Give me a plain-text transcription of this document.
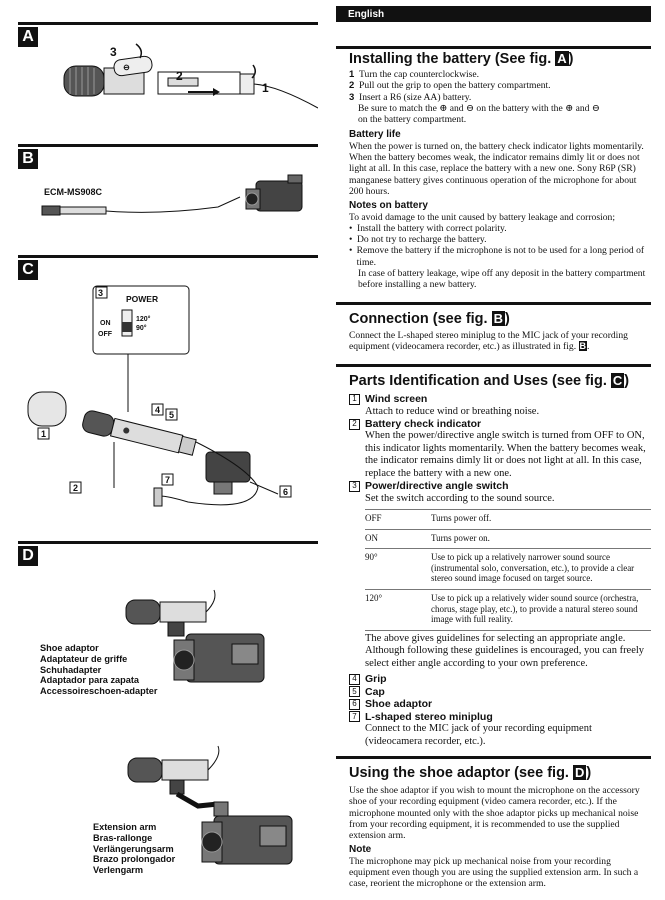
A
⊖
3
2
1
B
ECM-MS908C
C
3
POWER
ON
OFF
120°
90°
1
2
4 5
6
7
D
Shoe adaptor
Adaptateur de griffe
Schuhadapter
Adaptador para zapata
Accessoireschoen-adapter
Extension arm
Bras-rallonge
Verlängerungsarm
Brazo prolongador
Verlengarm
English
Installing the battery (See fig. A )
1 Turn the cap counterclockwise.
2 Pull out the grip to open the battery compartment.
3 Insert a R6 (size AA) battery.
Be sure to match the ⊕ and ⊖ on the battery with the ⊕ and ⊖
on the battery compartment.
Battery life

When the power is turned on, the battery check indicator lights momentarily. When the battery becomes weak, the indicator remains dimly lit or does not light at all. In this case, replace the battery with a new one. Sony R6P (SR) manganese battery gives continuous operation of the microphone for about 200 hours.

Notes on battery

To avoid damage to the unit caused by battery leakage and corrosion;

• Install the battery with correct polarity.
• Do not try to recharge the battery.
• Remove the battery if the microphone is not to be used for a long period of time.

In case of battery leakage, wipe off any deposit in the battery compartment before installing a new battery.

Connection (see fig. B )
Connect the L-shaped stereo miniplug to the MIC jack of your recording equipment (videocamera recorder, etc.) as illustrated in fig. B.
Parts Identification and Uses (see fig. C )
1 Wind screen
Attach to reduce wind or breathing noise.
2 Battery check indicator
When the power/directive angle switch is turned from OFF to ON, this indicator lights momentarily. When the battery becomes weak, the indicator remains dimly lit or does not light at all. In this case, replace the battery with a new one.
3 Power/directive angle switch
Set the switch according to the sound source.
OFF	Turns power off.
ON	Turns power on.
90°	Use to pick up a relatively narrower sound source (instrumental solo, conversation, etc.), to provide a clear stereo sound image focused on target source.
120°	Use to pick up a relatively wider sound source (orchestra, chorus, stage play, etc.), to provide a natural stereo sound image with full reality.
The above gives guidelines for selecting an appropriate angle. Although following these guidelines is encouraged, you can freely select either angle according to your own preference.
4 Grip
5 Cap
6 Shoe adaptor
7 L-shaped stereo miniplug
Connect to the MIC jack of your recording equipment (videocamera recorder, etc.).
Using the shoe adaptor (see fig. D )

Use the shoe adaptor if you wish to mount the microphone on the accessory shoe of your recording equipment (video camera recorder, etc.). If the microphone mounted only with the shoe adaptor picks up mechanical noise from your recording equipment, it is recommended to use the supplied extension arm.

Note

The microphone may pick up mechanical noise from your recording equipment even though you are using the supplied extension arm. In such a case, reorient the microphone or the extension arm.
